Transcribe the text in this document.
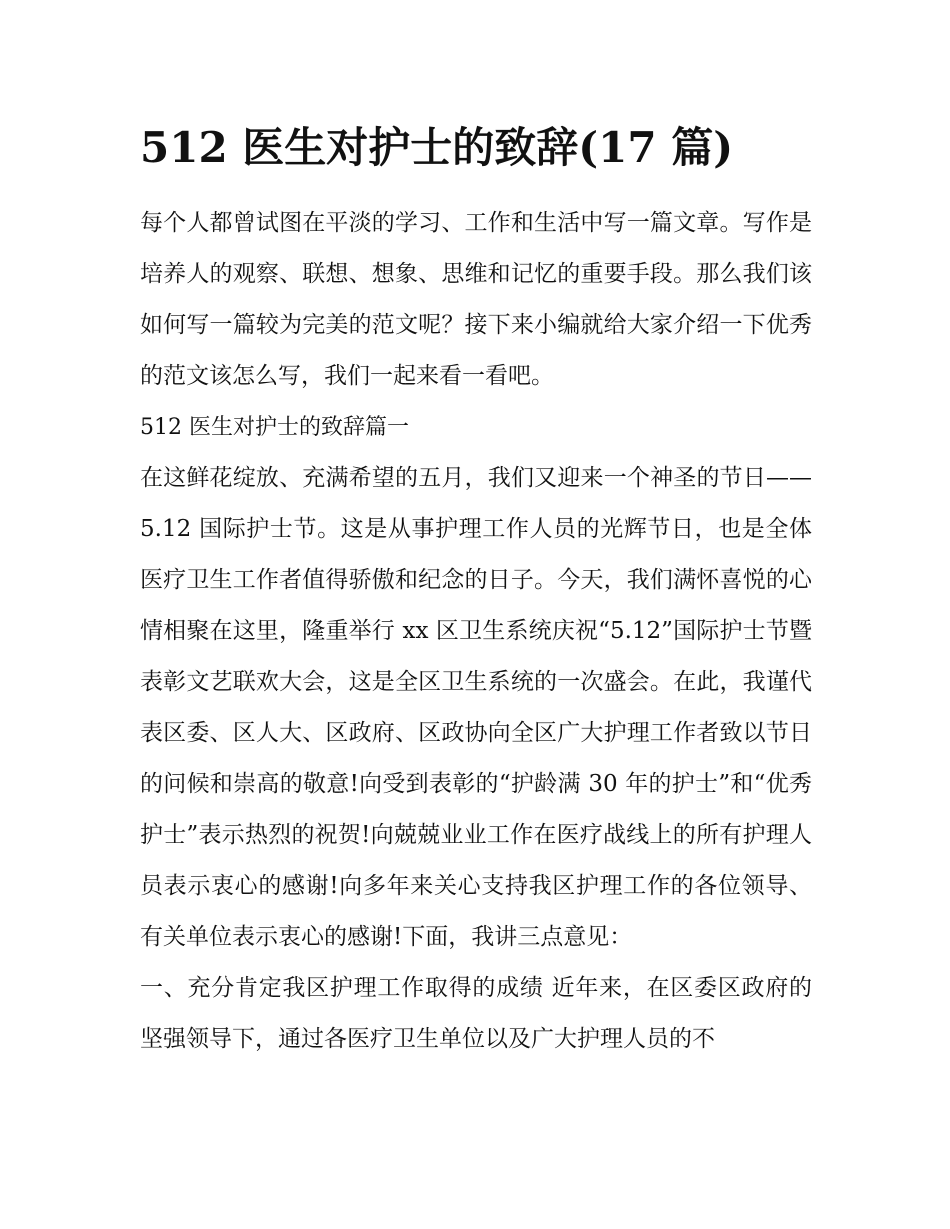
512 医生对护士的致辞(17 篇)

每个人都曾试图在平淡的学习、工作和生活中写一篇文章。写作是培养人的观察、联想、想象、思维和记忆的重要手段。那么我们该如何写一篇较为完美的范文呢？接下来小编就给大家介绍一下优秀的范文该怎么写，我们一起来看一看吧。

512 医生对护士的致辞篇一

在这鲜花绽放、充满希望的五月，我们又迎来一个神圣的节日——5.12 国际护士节。这是从事护理工作人员的光辉节日，也是全体医疗卫生工作者值得骄傲和纪念的日子。今天，我们满怀喜悦的心情相聚在这里，隆重举行 xx 区卫生系统庆祝“5.12”国际护士节暨表彰文艺联欢大会，这是全区卫生系统的一次盛会。在此，我谨代表区委、区人大、区政府、区政协向全区广大护理工作者致以节日的问候和崇高的敬意!向受到表彰的“护龄满 30 年的护士”和“优秀护士”表示热烈的祝贺!向兢兢业业工作在医疗战线上的所有护理人员表示衷心的感谢!向多年来关心支持我区护理工作的各位领导、有关单位表示衷心的感谢!下面，我讲三点意见：

一、充分肯定我区护理工作取得的成绩 近年来，在区委区政府的坚强领导下，通过各医疗卫生单位以及广大护理人员的不
